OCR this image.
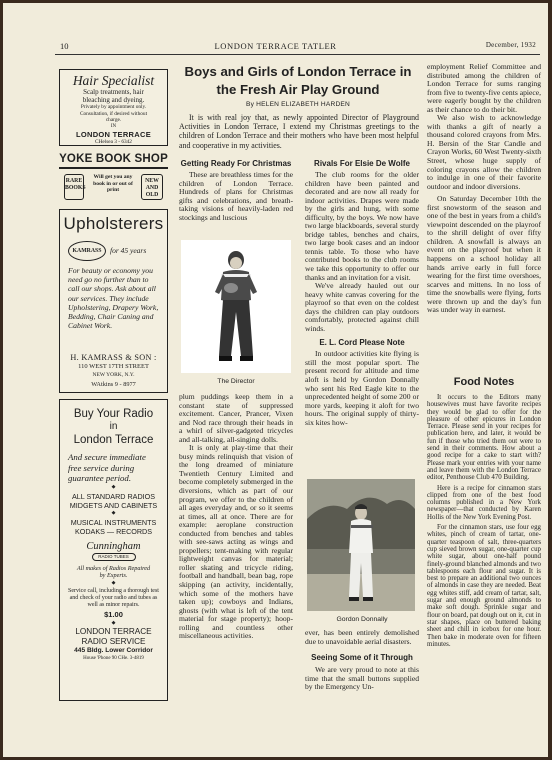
10	LONDON TERRACE TATLER	December, 1932
Hair Specialist
Scalp treatments, hair
bleaching and dyeing.
Privately by appointment only.
Consultation, if desired without
charge.
IN
LONDON TERRACE
CHelsea 3 - 6342
YOKE BOOK SHOP
RARE BOOKS
Will get you any book in or out of print
NEW AND OLD
Upholsterers
KAMRASS	for 45 years
For beauty or economy you need go no further than to call our shops. Ask about all our services. They include Upholstering, Drapery Work, Bedding, Chair Caning and Cabinet Work.
H. KAMRASS & SON :
110 WEST 17TH STREET
NEW YORK, N.Y.
WAtkins 9 - 8977
Buy Your Radio
in
London Terrace
And secure immediate free service during guarantee period.
◆
ALL STANDARD RADIOS
MIDGETS AND CABINETS
◆
MUSICAL INSTRUMENTS
KODAKS — RECORDS
Cunningham
RADIO TUBES
All makes of Radios Repaired by Experts.
◆
Service call, including a thorough test and check of your radio and tubes as well as minor repairs.
$1.00
◆
LONDON TERRACE
RADIO SERVICE
445 Bldg. Lower Corridor
House 'Phone 90 CHe. 3-4819
Boys and Girls of London Terrace in the Fresh Air Play Ground
By HELEN ELIZABETH HARDEN
It is with real joy that, as newly appointed Director of Playground Activities in London Terrace, I extend my Christmas greetings to the children of London Terrace and their mothers who have been most helpful and cooperative in my activities.

Getting Ready For Christmas

These are breathless times for the children of London Terrace. Hundreds of plans for Christmas gifts and celebrations, and breath-taking visions of heavily-laden red stockings and luscious

The Director

plum puddings keep them in a constant state of suppressed excitement. Cancer, Prancer, Vixen and Nod race through their heads in a whirl of silver-gadgeted tricycles and all-talking, all-singing dolls.

It is only at play-time that their busy minds relinquish that vision of the long dreamed of miniature Twentieth Century Limited and become completely submerged in the diversions, which as part of our program, we offer to the children of all ages everyday and, or so it seems at times, all at once. There are for example: aeroplane construction conducted from benches and tables with see-saws acting as wings and propellers; tent-making with regular lightweight canvas for material; roller skating and tricycle riding, football and handball, bean bag, rope skipping (an activity, incidentally, which some of the mothers have taken up); cowboys and Indians, ghosts (with what is left of the tent material for stage property); hoop-rolling and countless other miscellaneous activities.

Rivals For Elsie De Wolfe

The club rooms for the older children have been painted and decorated and are now all ready for indoor activities. Drapes were made by the girls and hung, with some difficulty, by the boys. We now have two large blackboards, several sturdy bridge tables, benches and chairs, two large book cases and an indoor tennis table. To those who have contributed books to the club rooms we take this opportunity to offer our thanks and an invitation for a visit.

We've already hauled out our heavy white canvas covering for the playroof so that even on the coldest days the children can play outdoors comfortably, protected against chill winds.

E. L. Cord Please Note

In outdoor activities kite flying is still the most popular sport. The present record for altitude and time aloft is held by Gordon Donnally who sent his Red Eagle kite to the unprecedented height of some 200 or more yards, keeping it aloft for two hours. The original supply of thirty-six kites how-

Gordon Donnally

ever, has been entirely demolished due to unavoidable aerial disasters.

Seeing Some of it Through

We are very proud to note at this time that the small buttons supplied by the Emergency Un-

employment Relief Committee and distributed among the children of London Terrace for sums ranging from five to twenty-five cents apiece, were eagerly bought by the children as their chance to do their bit.

We also wish to acknowledge with thanks a gift of nearly a thousand colored crayons from Mrs. H. Bersin of the Star Candle and Crayon Works, 60 West Twenty-sixth Street, whose huge supply of coloring crayons allow the children to indulge in one of their favorite outdoor and indoor diversions.

On Saturday December 10th the first snowstorm of the season and one of the best in years from a child's viewpoint descended on the playroof to the shrill delight of over fifty children. A snowfall is always an event on the playroof but when it happens on a school holiday all hands arrive early in full force wearing for the first time overshoes, scarves and mittens. In no loss of time the snowballs were flying, forts were thrown up and the day's fun was under way in earnest.

Food Notes

It occurs to the Editors many housewives must have favorite recipes they would be glad to offer for the pleasure of other epicures in London Terrace. Please send in your recipes for publication here, and later, it would be fun if those who tried them out were to send in their comments. How about a good recipe for a cake to start with? Please mark your entries with your name and leave them with the London Terrace editor, Penthouse Club 470 Building.

Here is a recipe for cinnamon stars clipped from one of the best food columns published in a New York newspaper—that conducted by Karen Hollis of the New York Evening Post.

For the cinnamon stars, use four egg whites, pinch of cream of tartar, one-quarter teaspoon of salt, three-quarters cup sieved brown sugar, one-quarter cup white sugar, about one-half pound finely-ground blanched almonds and two tablespoons each flour and sugar. It is best to prepare an additional two ounces of almonds in case they are needed. Beat egg whites stiff, add cream of tartar, salt, sugar and enough ground almonds to make soft dough. Sprinkle sugar and flour on board, pat dough out on it, cut in star shapes, place on buttered baking sheet and chill in icebox for one hour. Then bake in moderate oven for fifteen minutes.
